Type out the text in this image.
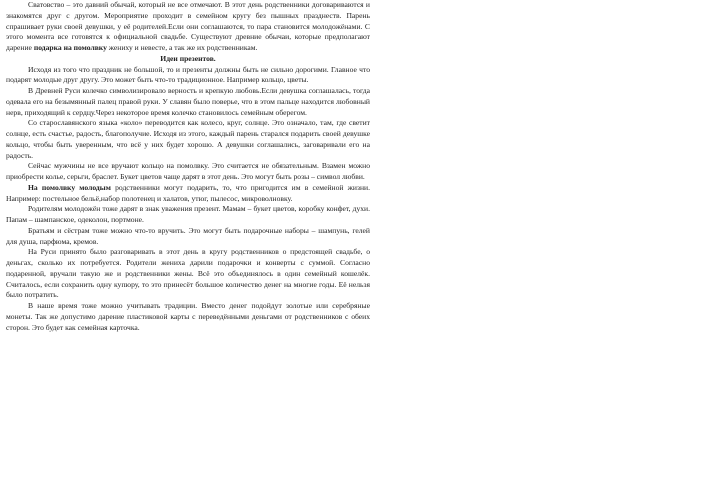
Сватовство – это давний обычай, который не все отмечают. В этот день родственники договариваются и знакомятся друг с другом. Мероприятие проходит в семейном кругу без пышных празднеств. Парень спрашивает руки своей девушки, у её родителей.Если они соглашаются, то пара становится молодожёнами. С этого момента все готовятся к официальной свадьбе. Существуют древние обычаи, которые предполагают дарение подарка на помолвку жениху и невесте, а так же их родственникам.

Идеи презентов.

Исходя из того что праздник не большой, то и презенты должны быть не сильно дорогими. Главное что подарят молодые друг другу. Это может быть что-то традиционное. Например кольцо, цветы.

В Древней Руси колечко символизировало верность и крепкую любовь.Если девушка соглашалась, тогда одевала его на безымянный палец правой руки. У славян было поверье, что в этом пальце находится любовный нерв, приходящий к сердцу.Через некоторое время колечко становилось семейным оберегом.

Со старославянского языка «коло» переводится как колесо, круг, солнце. Это означало, там, где светит солнце, есть счастье, радость, благополучие. Исходя из этого, каждый парень старался подарить своей девушке кольцо, чтобы быть уверенным, что всё у них будет хорошо. А девушки соглашались, заговаривали его на радость.

Сейчас мужчины не все вручают кольцо на помолвку. Это считается не обязательным. Взамен можно приобрести колье, серьги, браслет. Букет цветов чаще дарят в этот день. Это могут быть розы – символ любви.

На помолвку молодым родственники могут подарить, то, что пригодится им в семейной жизни. Например: постельное бельё,набор полотенец и халатов, утюг, пылесос, микроволновку.

Родителям молодожён тоже дарят в знак уважения презент. Мамам – букет цветов, коробку конфет, духи. Папам – шампанское, одеколон, портмоне.

Братьям и сёстрам тоже можно что-то вручить. Это могут быть подарочные наборы – шампунь, гелей для душа, парфюма, кремов.

На Руси принято было разговаривать в этот день в кругу родственников о предстоящей свадьбе, о деньгах, сколько их потребуется. Родители жениха дарили подарочки и конверты с суммой. Согласно подаренной, вручали такую же и родственники жены. Всё это объединялось в один семейный кошелёк. Считалось, если сохранить одну купюру, то это принесёт большое количество денег на многие годы. Её нельзя было потратить.

В наше время тоже можно учитывать традиции. Вместо денег подойдут золотые или серебряные монеты. Так же допустимо дарение пластиковой карты с переведёнными деньгами от родственников с обеих сторон. Это будет как семейная карточка.
